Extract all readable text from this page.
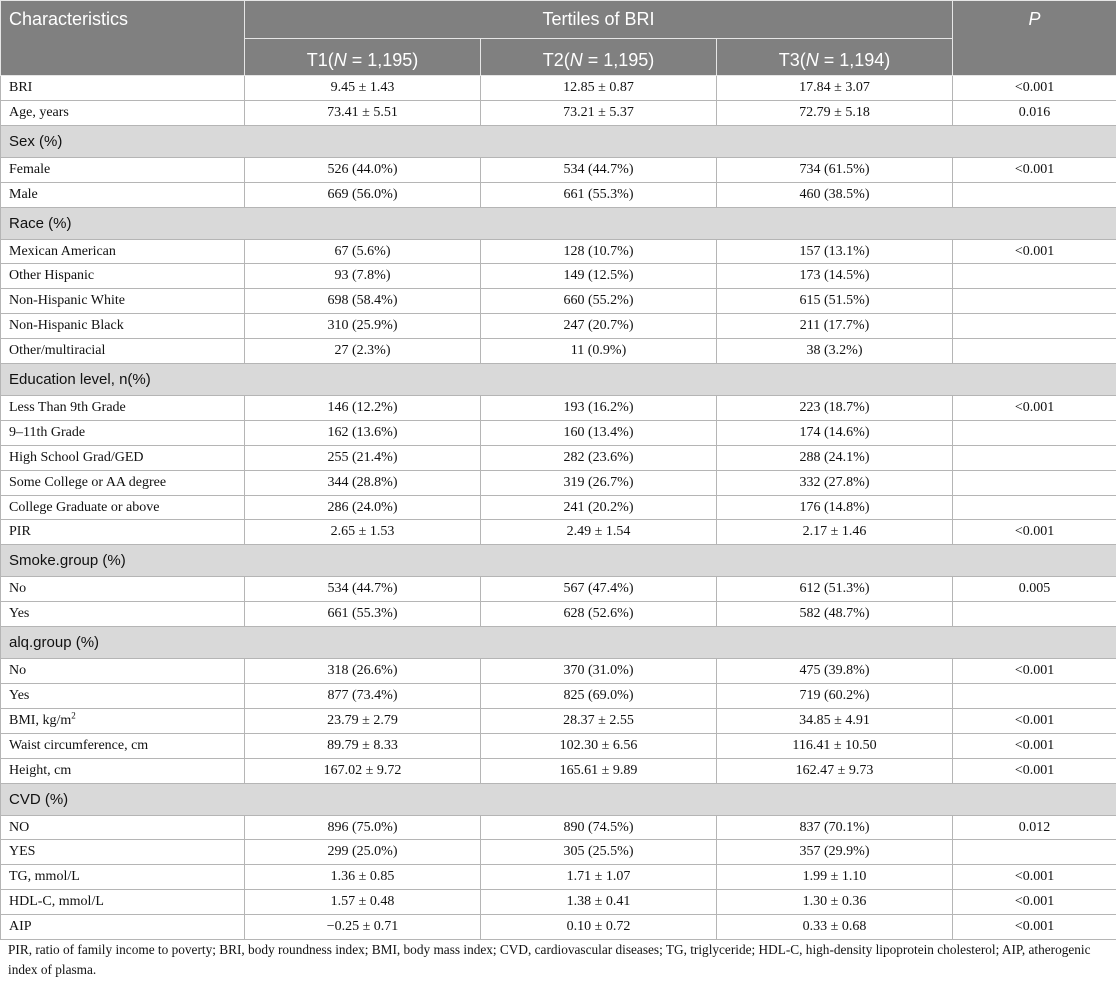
Characteristics	Tertiles of BRI			P
	T1(N = 1,195)	T2(N = 1,195)	T3(N = 1,194)	
BRI	9.45 ± 1.43	12.85 ± 0.87	17.84 ± 3.07	<0.001
Age, years	73.41 ± 5.51	73.21 ± 5.37	72.79 ± 5.18	0.016
Sex (%)				
Female	526 (44.0%)	534 (44.7%)	734 (61.5%)	<0.001
Male	669 (56.0%)	661 (55.3%)	460 (38.5%)	
Race (%)				
Mexican American	67 (5.6%)	128 (10.7%)	157 (13.1%)	<0.001
Other Hispanic	93 (7.8%)	149 (12.5%)	173 (14.5%)	
Non-Hispanic White	698 (58.4%)	660 (55.2%)	615 (51.5%)	
Non-Hispanic Black	310 (25.9%)	247 (20.7%)	211 (17.7%)	
Other/multiracial	27 (2.3%)	11 (0.9%)	38 (3.2%)	
Education level, n(%)				
Less Than 9th Grade	146 (12.2%)	193 (16.2%)	223 (18.7%)	<0.001
9–11th Grade	162 (13.6%)	160 (13.4%)	174 (14.6%)	
High School Grad/GED	255 (21.4%)	282 (23.6%)	288 (24.1%)	
Some College or AA degree	344 (28.8%)	319 (26.7%)	332 (27.8%)	
College Graduate or above	286 (24.0%)	241 (20.2%)	176 (14.8%)	
PIR	2.65 ± 1.53	2.49 ± 1.54	2.17 ± 1.46	<0.001
Smoke.group (%)				
No	534 (44.7%)	567 (47.4%)	612 (51.3%)	0.005
Yes	661 (55.3%)	628 (52.6%)	582 (48.7%)	
alq.group (%)				
No	318 (26.6%)	370 (31.0%)	475 (39.8%)	<0.001
Yes	877 (73.4%)	825 (69.0%)	719 (60.2%)	
BMI, $kg/m^2$	23.79 ± 2.79	28.37 ± 2.55	34.85 ± 4.91	<0.001
Waist circumference, cm	89.79 ± 8.33	102.30 ± 6.56	116.41 ± 10.50	<0.001
Height, cm	167.02 ± 9.72	165.61 ± 9.89	162.47 ± 9.73	<0.001
CVD (%)				
NO	896 (75.0%)	890 (74.5%)	837 (70.1%)	0.012
YES	299 (25.0%)	305 (25.5%)	357 (29.9%)	
TG, mmol/L	1.36 ± 0.85	1.71 ± 1.07	1.99 ± 1.10	<0.001
HDL-C, mmol/L	1.57 ± 0.48	1.38 ± 0.41	1.30 ± 0.36	<0.001
AIP	−0.25 ± 0.71	0.10 ± 0.72	0.33 ± 0.68	<0.001
PIR, ratio of family income to poverty; BRI, body roundness index; BMI, body mass index; CVD, cardiovascular diseases; TG, triglyceride; HDL-C, high-density lipoprotein cholesterol; AIP, atherogenic index of plasma.
